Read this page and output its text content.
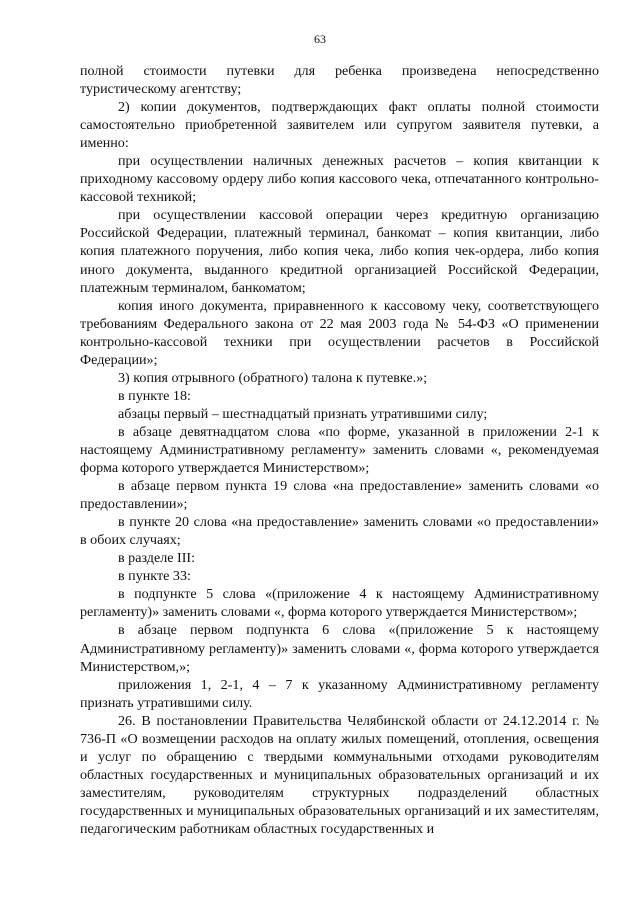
63

полной стоимости путевки для ребенка произведена непосредственно туристическому агентству;

2) копии документов, подтверждающих факт оплаты полной стоимости самостоятельно приобретенной заявителем или супругом заявителя путевки, а именно:

при осуществлении наличных денежных расчетов – копия квитанции к приходному кассовому ордеру либо копия кассового чека, отпечатанного контрольно-кассовой техникой;

при осуществлении кассовой операции через кредитную организацию Российской Федерации, платежный терминал, банкомат – копия квитанции, либо копия платежного поручения, либо копия чека, либо копия чек-ордера, либо копия иного документа, выданного кредитной организацией Российской Федерации, платежным терминалом, банкоматом;

копия иного документа, приравненного к кассовому чеку, соответствующего требованиям Федерального закона от 22 мая 2003 года № 54-ФЗ «О применении контрольно-кассовой техники при осуществлении расчетов в Российской Федерации»;

3) копия отрывного (обратного) талона к путевке.»;

в пункте 18:

абзацы первый – шестнадцатый признать утратившими силу;

в абзаце девятнадцатом слова «по форме, указанной в приложении 2-1 к настоящему Административному регламенту» заменить словами «, рекомендуемая форма которого утверждается Министерством»;

в абзаце первом пункта 19 слова «на предоставление» заменить словами «о предоставлении»;

в пункте 20 слова «на предоставление» заменить словами «о предоставлении» в обоих случаях;

в разделе III:

в пункте 33:

в подпункте 5 слова «(приложение 4 к настоящему Административному регламенту)» заменить словами «, форма которого утверждается Министерством»;

в абзаце первом подпункта 6 слова «(приложение 5 к настоящему Административному регламенту)» заменить словами «, форма которого утверждается Министерством,»;

приложения 1, 2-1, 4 – 7 к указанному Административному регламенту признать утратившими силу.

26. В постановлении Правительства Челябинской области от 24.12.2014 г. № 736-П «О возмещении расходов на оплату жилых помещений, отопления, освещения и услуг по обращению с твердыми коммунальными отходами руководителям областных государственных и муниципальных образовательных организаций и их заместителям, руководителям структурных подразделений областных государственных и муниципальных образовательных организаций и их заместителям, педагогическим работникам областных государственных и
